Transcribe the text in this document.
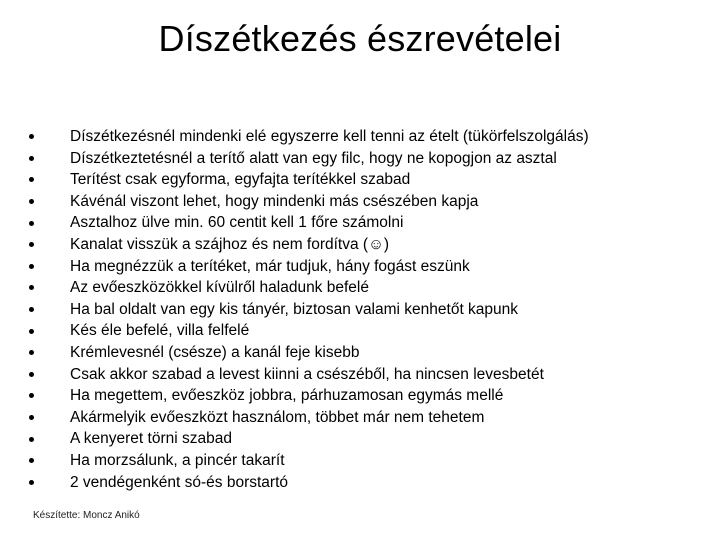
Díszétkezés észrevételei
Díszétkezésnél mindenki elé egyszerre kell tenni az ételt (tükörfelszolgálás)
Díszétkeztetésnél a terítő alatt van egy filc, hogy ne kopogjon az asztal
Terítést csak egyforma, egyfajta terítékkel szabad
Kávénál viszont lehet, hogy mindenki más csészében kapja
Asztalhoz ülve min. 60 centit kell 1 főre számolni
Kanalat visszük a szájhoz és nem fordítva (☺)
Ha megnézzük a terítéket, már tudjuk, hány fogást eszünk
Az evőeszközökkel kívülről haladunk befelé
Ha bal oldalt van egy kis tányér, biztosan valami kenhetőt kapunk
Kés éle befelé, villa felfelé
Krémlevesnél (csésze) a kanál feje kisebb
Csak akkor szabad a levest kiinni a csészéből, ha nincsen levesbetét
Ha megettem, evőeszköz jobbra, párhuzamosan egymás mellé
Akármelyik evőeszközt használom, többet már nem tehetem
A kenyeret törni szabad
Ha morzsálunk, a pincér takarít
2 vendégenként só-és borstartó
Készítette: Moncz Anikó
